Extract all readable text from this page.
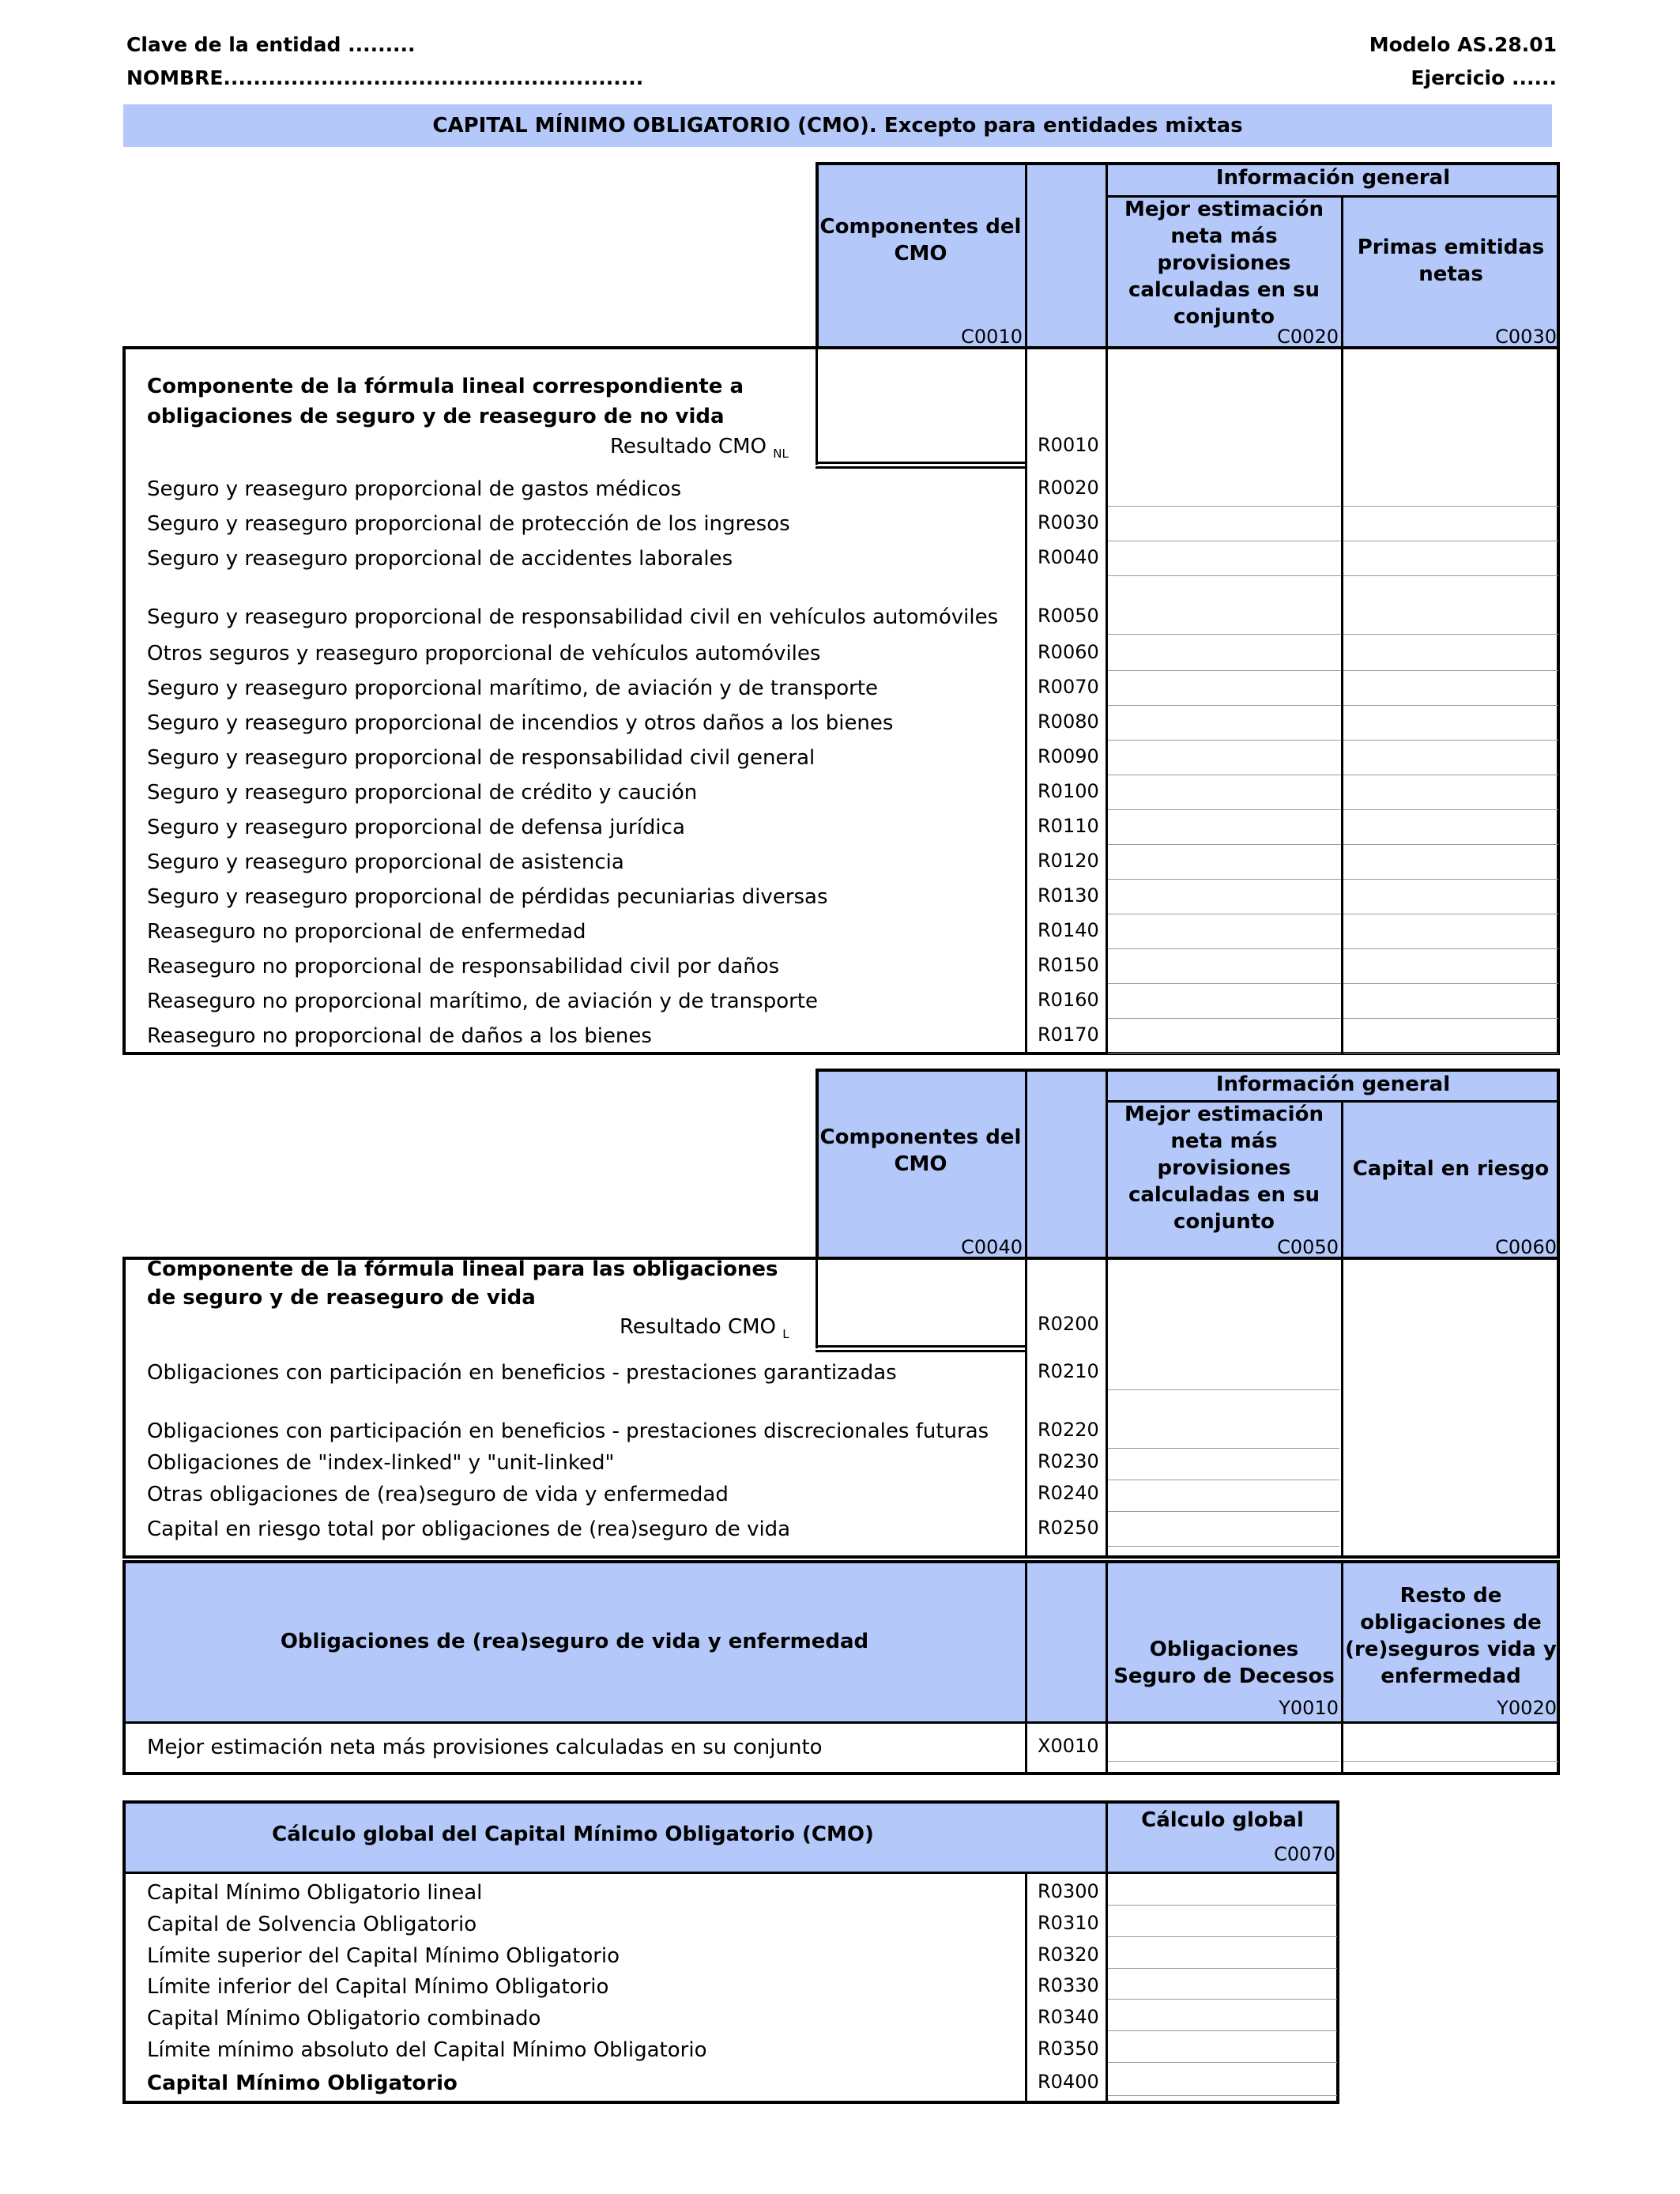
Clave de la entidad .........
NOMBRE........................................................
Modelo AS.28.01
Ejercicio ......
CAPITAL MÍNIMO OBLIGATORIO (CMO). Excepto para entidades mixtas
Componentes del CMO
Información general
Mejor estimación neta más provisiones calculadas en su conjunto
Primas emitidas netas
C0010	C0020	C0030
Componente de la fórmula lineal correspondiente a obligaciones de seguro y de reaseguro de no vida
Resultado CMO $_{NL}$	R0010
Seguro y reaseguro proporcional de gastos médicos	R0020
Seguro y reaseguro proporcional de protección de los ingresos	R0030
Seguro y reaseguro proporcional de accidentes laborales	R0040
Seguro y reaseguro proporcional de responsabilidad civil en vehículos automóviles R0050
Otros seguros y reaseguro proporcional de vehículos automóviles	R0060
Seguro y reaseguro proporcional marítimo, de aviación y de transporte	R0070
Seguro y reaseguro proporcional de incendios y otros daños a los bienes	R0080
Seguro y reaseguro proporcional de responsabilidad civil general	R0090
Seguro y reaseguro proporcional de crédito y caución	R0100
Seguro y reaseguro proporcional de defensa jurídica	R0110
Seguro y reaseguro proporcional de asistencia	R0120
Seguro y reaseguro proporcional de pérdidas pecuniarias diversas	R0130
Reaseguro no proporcional de enfermedad	R0140
Reaseguro no proporcional de responsabilidad civil por daños	R0150
Reaseguro no proporcional marítimo, de aviación y de transporte	R0160
Reaseguro no proporcional de daños a los bienes	R0170
Componentes del CMO
Información general
Mejor estimación neta más provisiones calculadas en su conjunto
Capital en riesgo
C0040	C0050	C0060
Componente de la fórmula lineal para las obligaciones de seguro y de reaseguro de vida
Resultado CMO $_L$	R0200
Obligaciones con participación en beneficios - prestaciones garantizadas	R0210
Obligaciones con participación en beneficios - prestaciones discrecionales futuras	R0220
Obligaciones de "index-linked" y "unit-linked"	R0230
Otras obligaciones de (rea)seguro de vida y enfermedad	R0240
Capital en riesgo total por obligaciones de (rea)seguro de vida	R0250
Obligaciones de (rea)seguro de vida y enfermedad	Obligaciones Seguro de Decesos
Resto de obligaciones de (re)seguros vida y enfermedad
Y0010	Y0020
Mejor estimación neta más provisiones calculadas en su conjunto	X0010
Cálculo global del Capital Mínimo Obligatorio (CMO)
Cálculo global
C0070
Capital Mínimo Obligatorio lineal	R0300
Capital de Solvencia Obligatorio	R0310
Límite superior del Capital Mínimo Obligatorio	R0320
Límite inferior del Capital Mínimo Obligatorio	R0330
Capital Mínimo Obligatorio combinado	R0340
Límite mínimo absoluto del Capital Mínimo Obligatorio	R0350
Capital Mínimo Obligatorio	R0400
